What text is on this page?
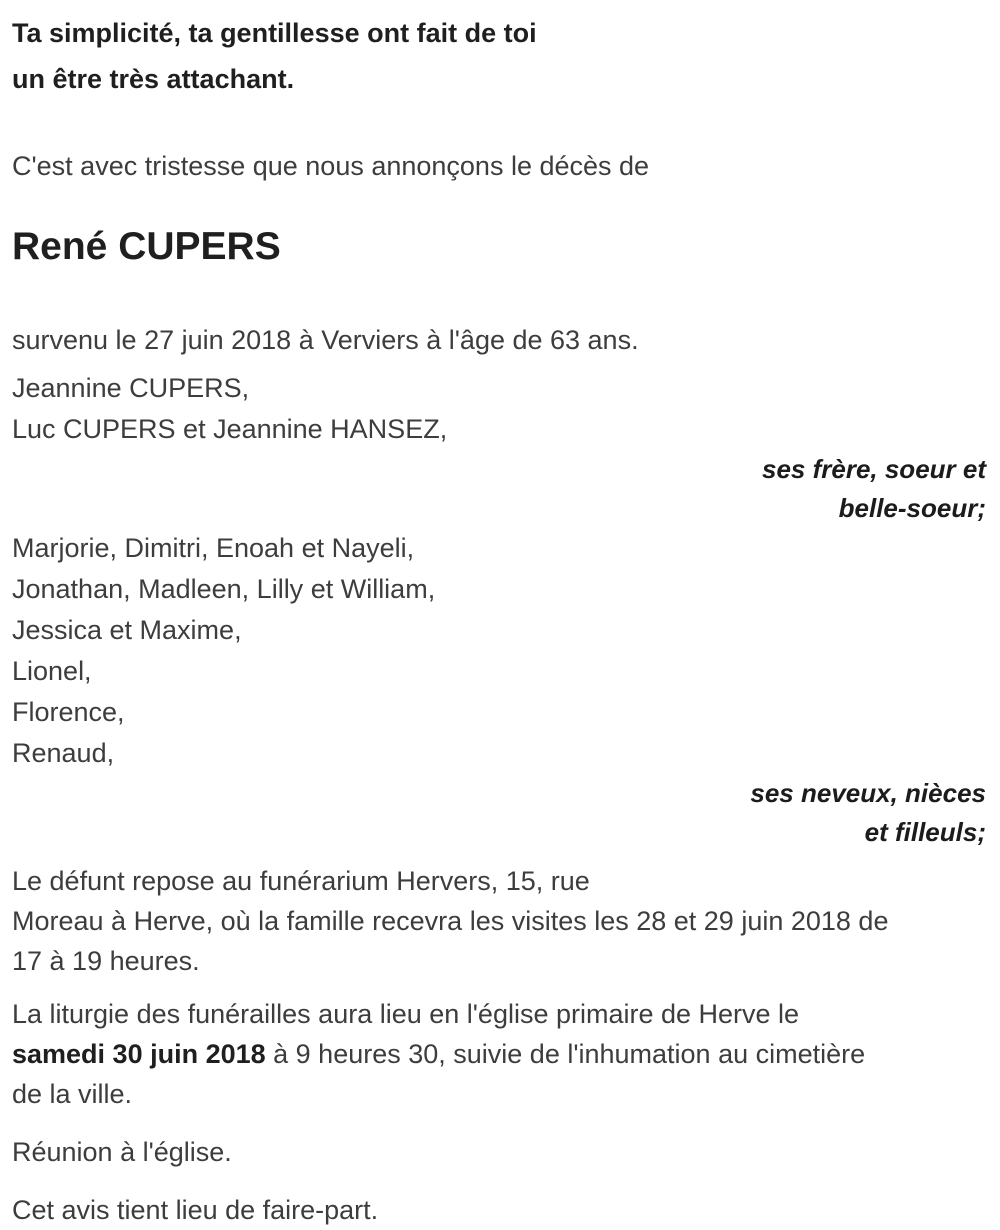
Ta simplicité, ta gentillesse ont fait de toi
un être très attachant.
C'est avec tristesse que nous annonçons le décès de
René CUPERS
survenu le 27 juin 2018 à Verviers à l'âge de 63 ans.
Jeannine CUPERS,
Luc CUPERS et Jeannine HANSEZ,
ses frère, soeur et
belle-soeur;
Marjorie, Dimitri, Enoah et Nayeli,
Jonathan, Madleen, Lilly et William,
Jessica et Maxime,
Lionel,
Florence,
Renaud,
ses neveux, nièces
et filleuls;
Le défunt repose au funérarium Hervers, 15, rue
Moreau à Herve, où la famille recevra les visites les 28 et 29 juin 2018 de
17 à 19 heures.
La liturgie des funérailles aura lieu en l'église primaire de Herve le
samedi 30 juin 2018 à 9 heures 30, suivie de l'inhumation au cimetière
de la ville.
Réunion à l'église.
Cet avis tient lieu de faire-part.
